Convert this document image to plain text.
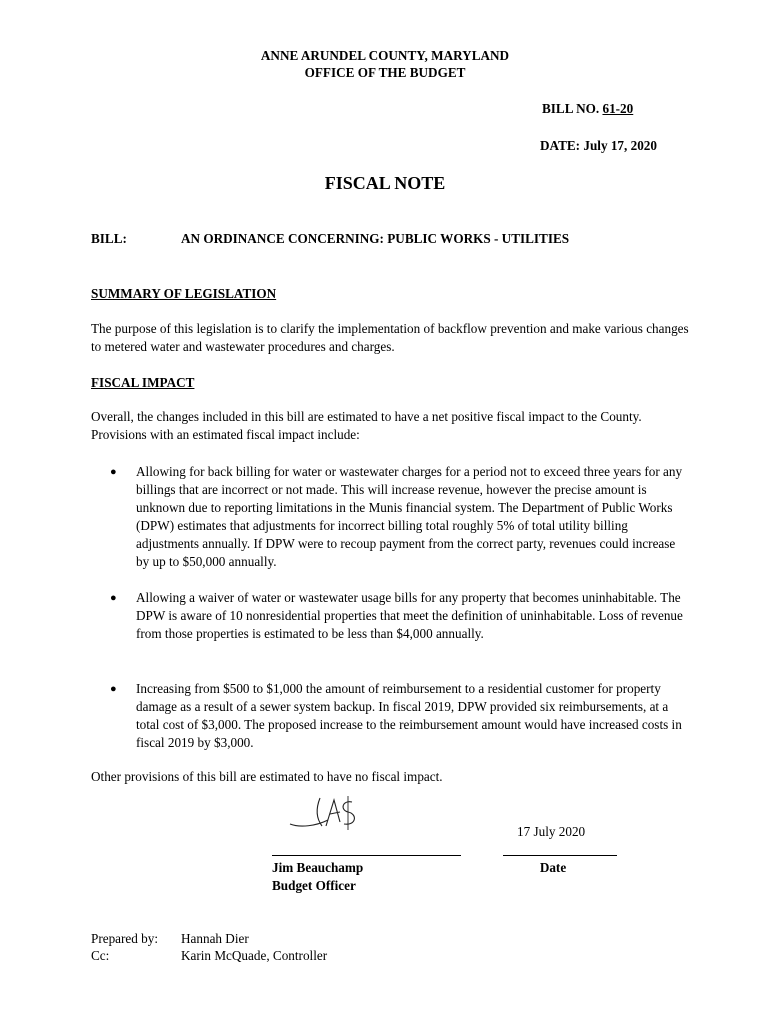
ANNE ARUNDEL COUNTY, MARYLAND
OFFICE OF THE BUDGET
BILL NO. 61-20
DATE: July 17, 2020
FISCAL NOTE
BILL:	AN ORDINANCE CONCERNING: PUBLIC WORKS - UTILITIES
SUMMARY OF LEGISLATION
The purpose of this legislation is to clarify the implementation of backflow prevention and make various changes to metered water and wastewater procedures and charges.
FISCAL IMPACT
Overall, the changes included in this bill are estimated to have a net positive fiscal impact to the County. Provisions with an estimated fiscal impact include:
● Allowing for back billing for water or wastewater charges for a period not to exceed three years for any billings that are incorrect or not made. This will increase revenue, however the precise amount is unknown due to reporting limitations in the Munis financial system. The Department of Public Works (DPW) estimates that adjustments for incorrect billing total roughly 5% of total utility billing adjustments annually. If DPW were to recoup payment from the correct party, revenues could increase by up to $50,000 annually.
● Allowing a waiver of water or wastewater usage bills for any property that becomes uninhabitable. The DPW is aware of 10 nonresidential properties that meet the definition of uninhabitable. Loss of revenue from those properties is estimated to be less than $4,000 annually.
● Increasing from $500 to $1,000 the amount of reimbursement to a residential customer for property damage as a result of a sewer system backup. In fiscal 2019, DPW provided six reimbursements, at a total cost of $3,000. The proposed increase to the reimbursement amount would have increased costs in fiscal 2019 by $3,000.
Other provisions of this bill are estimated to have no fiscal impact.
17 July 2020
Jim Beauchamp
Budget Officer
Date
Prepared by: Hannah Dier
Cc:	Karin McQuade, Controller
